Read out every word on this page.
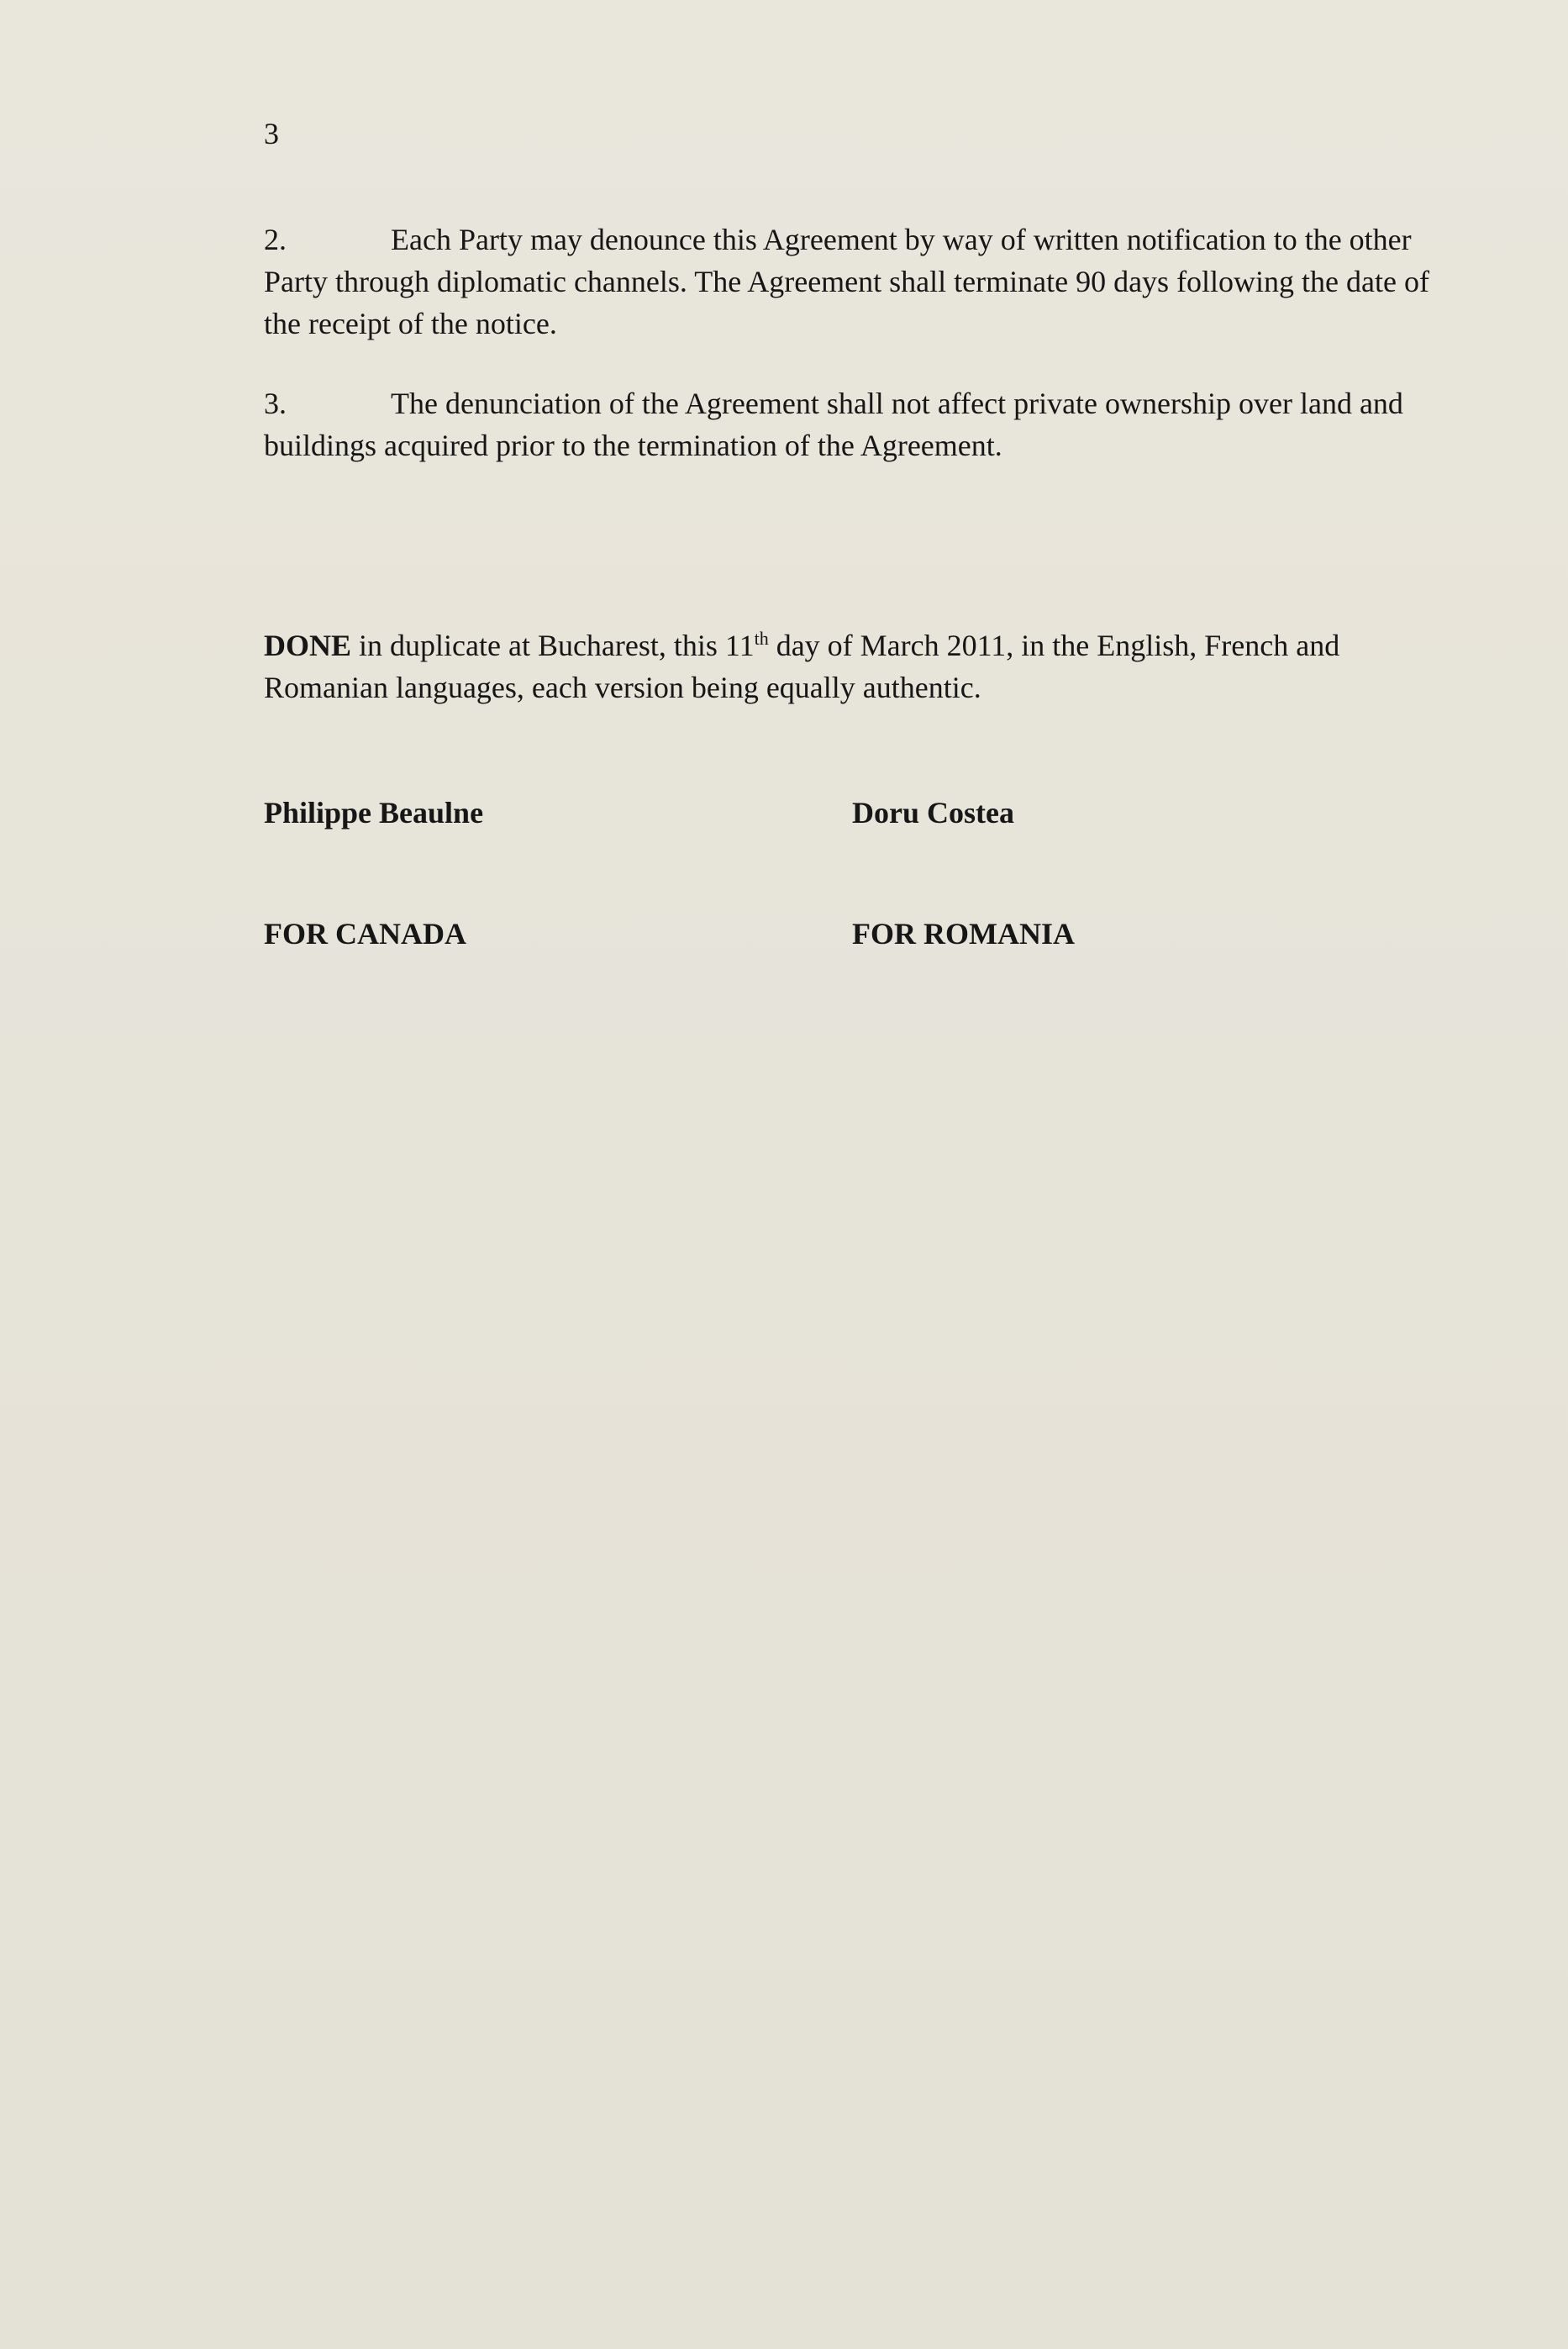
3

2.	Each Party may denounce this Agreement by way of written notification to the other Party through diplomatic channels. The Agreement shall terminate 90 days following the date of the receipt of the notice.

3.	The denunciation of the Agreement shall not affect private ownership over land and buildings acquired prior to the termination of the Agreement.

DONE in duplicate at Bucharest, this 11th day of March 2011, in the English, French and Romanian languages, each version being equally authentic.

Philippe Beaulne	Doru Costea

FOR CANADA	FOR ROMANIA
